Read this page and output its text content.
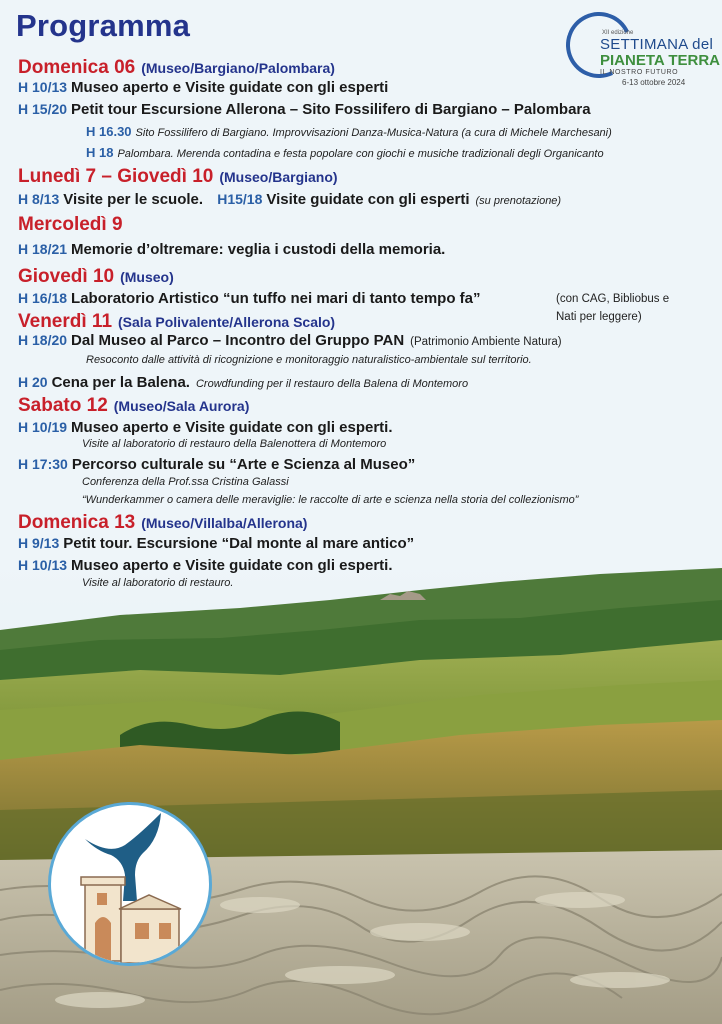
Programma	XII edizione
SETTIMANA del
PIANETA TERRA
IL NOSTRO FUTURO
6-13 ottobre 2024
Domenica 06 (Museo/Bargiano/Palombara)
H 10/13 Museo aperto e Visite guidate con gli esperti
H 15/20 Petit tour Escursione Allerona – Sito Fossilifero di Bargiano – Palombara
H 16.30 Sito Fossilifero di Bargiano. Improvvisazioni Danza-Musica-Natura (a cura di Michele Marchesani)
H 18 Palombara. Merenda contadina e festa popolare con giochi e musiche tradizionali degli Organicanto
Lunedì 7 – Giovedì 10 (Museo/Bargiano)
H 8/13 Visite per le scuole. H15/18 Visite guidate con gli esperti (su prenotazione)
Mercoledì 9
H 18/21 Memorie d’oltremare: veglia i custodi della memoria.
Giovedì 10 (Museo)
H 16/18 Laboratorio Artistico “un tuffo nei mari di tanto tempo fa”	(con CAG, Bibliobus e
Nati per leggere)
Venerdì 11 (Sala Polivalente/Allerona Scalo)
H 18/20 Dal Museo al Parco – Incontro del Gruppo PAN (Patrimonio Ambiente Natura)
Resoconto dalle attività di ricognizione e monitoraggio naturalistico-ambientale sul territorio.
H 20 Cena per la Balena. Crowdfunding per il restauro della Balena di Montemoro
Sabato 12 (Museo/Sala Aurora)
H 10/19 Museo aperto e Visite guidate con gli esperti.
Visite al laboratorio di restauro della Balenottera di Montemoro
H 17:30 Percorso culturale su “Arte e Scienza al Museo”
Conferenza della Prof.ssa Cristina Galassi
“Wunderkammer o camera delle meraviglie: le raccolte di arte e scienza nella storia del collezionismo”
Domenica 13 (Museo/Villalba/Allerona)
H 9/13 Petit tour. Escursione “Dal monte al mare antico”
H 10/13 Museo aperto e Visite guidate con gli esperti.
Visite al laboratorio di restauro.
